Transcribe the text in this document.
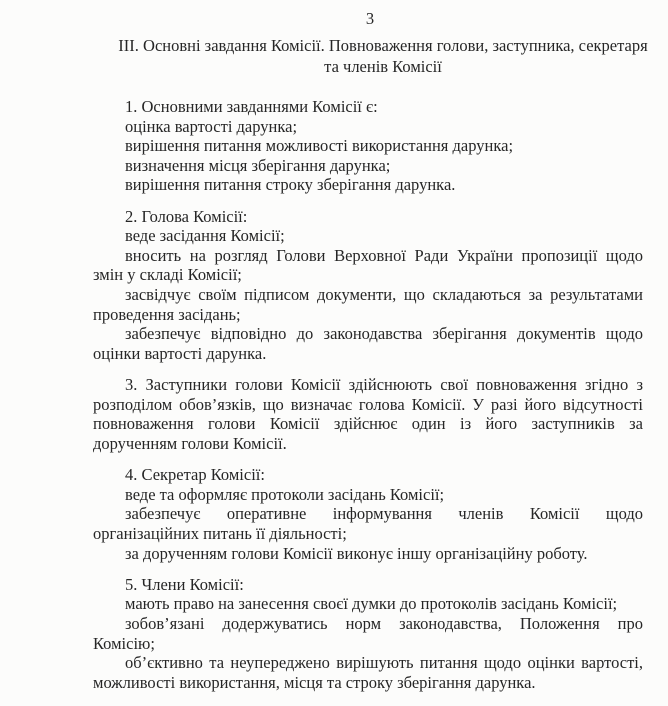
3
III. Основні завдання Комісії. Повноваження голови, заступника, секретаря
та членів Комісії
1. Основними завданнями Комісії є:
оцінка вартості дарунка;
вирішення питання можливості використання дарунка;
визначення місця зберігання дарунка;
вирішення питання строку зберігання дарунка.
2. Голова Комісії:
веде засідання Комісії;
вносить на розгляд Голови Верховної Ради України пропозиції щодо
змін у складі Комісії;
засвідчує своїм підписом документи, що складаються за результатами
проведення засідань;
забезпечує відповідно до законодавства зберігання документів щодо
оцінки вартості дарунка.
3. Заступники голови Комісії здійснюють свої повноваження згідно з
розподілом обов’язків, що визначає голова Комісії. У разі його відсутності
повноваження голови Комісії здійснює один із його заступників за
дорученням голови Комісії.
4. Секретар Комісії:
веде та оформляє протоколи засідань Комісії;
забезпечує оперативне інформування членів Комісії щодо
організаційних питань її діяльності;
за дорученням голови Комісії виконує іншу організаційну роботу.
5. Члени Комісії:
мають право на занесення своєї думки до протоколів засідань Комісії;
зобов’язані додержуватись норм законодавства, Положення про
Комісію;
об’єктивно та неупереджено вирішують питання щодо оцінки вартості,
можливості використання, місця та строку зберігання дарунка.
